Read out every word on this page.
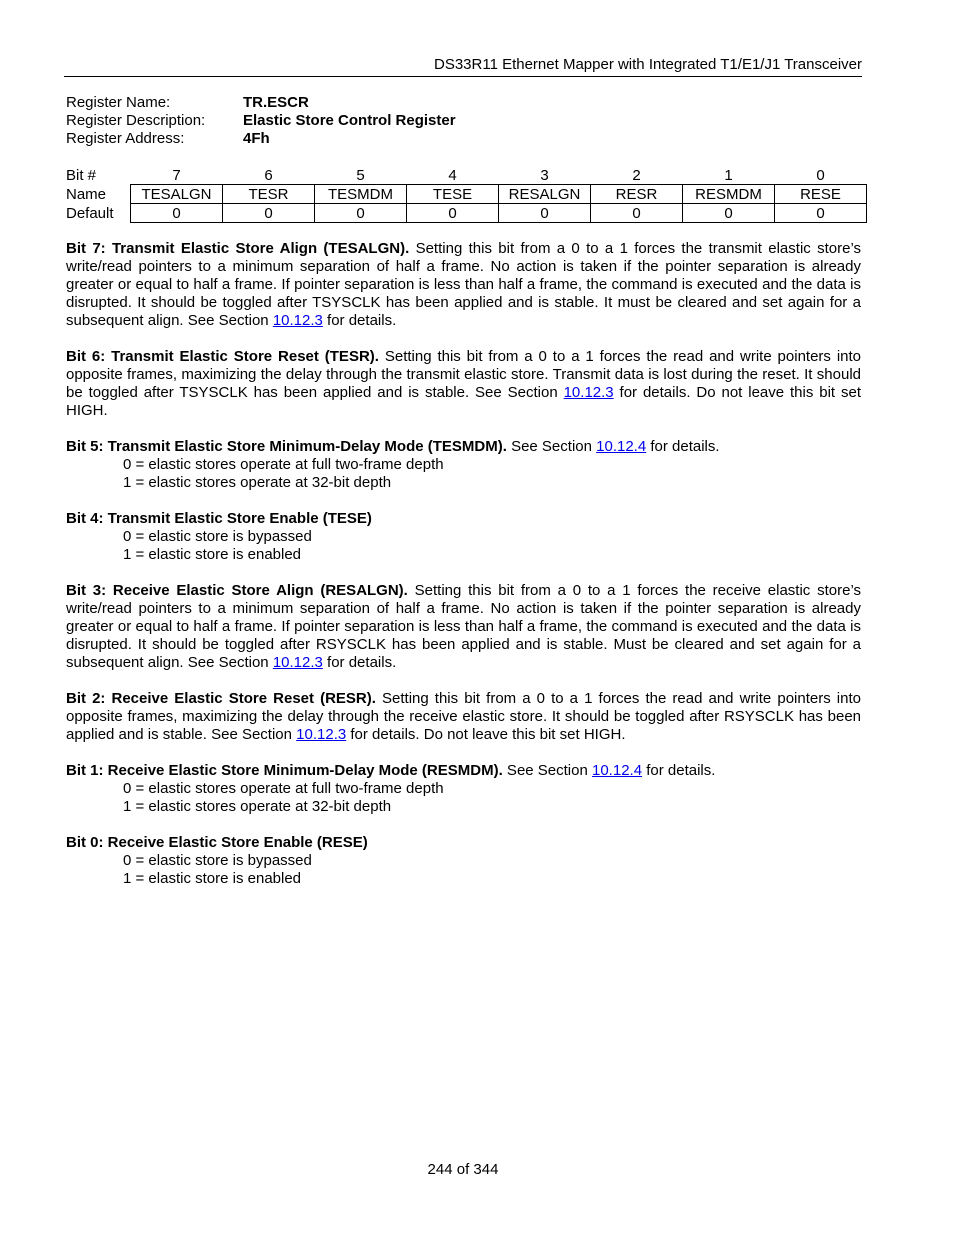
DS33R11 Ethernet Mapper with Integrated T1/E1/J1 Transceiver
Register Name:	TR.ESCR
Register Description:	Elastic Store Control Register
Register Address:	4Fh
Bit #	7	6	5	4	3	2	1	0
Name	TESALGN	TESR	TESMDM	TESE	RESALGN	RESR	RESMDM	RESE
Default	0	0	0	0	0	0	0	0

Bit 7: Transmit Elastic Store Align (TESALGN). Setting this bit from a 0 to a 1 forces the transmit elastic store’s write/read pointers to a minimum separation of half a frame. No action is taken if the pointer separation is already greater or equal to half a frame. If pointer separation is less than half a frame, the command is executed and the data is disrupted. It should be toggled after TSYSCLK has been applied and is stable. It must be cleared and set again for a subsequent align. See Section 10.12.3 for details.

Bit 6: Transmit Elastic Store Reset (TESR). Setting this bit from a 0 to a 1 forces the read and write pointers into opposite frames, maximizing the delay through the transmit elastic store. Transmit data is lost during the reset. It should be toggled after TSYSCLK has been applied and is stable. See Section 10.12.3 for details. Do not leave this bit set HIGH.

Bit 5: Transmit Elastic Store Minimum-Delay Mode (TESMDM). See Section 10.12.4 for details.
0 = elastic stores operate at full two-frame depth
1 = elastic stores operate at 32-bit depth
Bit 4: Transmit Elastic Store Enable (TESE)
0 = elastic store is bypassed
1 = elastic store is enabled

Bit 3: Receive Elastic Store Align (RESALGN). Setting this bit from a 0 to a 1 forces the receive elastic store’s write/read pointers to a minimum separation of half a frame. No action is taken if the pointer separation is already greater or equal to half a frame. If pointer separation is less than half a frame, the command is executed and the data is disrupted. It should be toggled after RSYSCLK has been applied and is stable. Must be cleared and set again for a subsequent align. See Section 10.12.3 for details.

Bit 2: Receive Elastic Store Reset (RESR). Setting this bit from a 0 to a 1 forces the read and write pointers into opposite frames, maximizing the delay through the receive elastic store. It should be toggled after RSYSCLK has been applied and is stable. See Section 10.12.3 for details. Do not leave this bit set HIGH.

Bit 1: Receive Elastic Store Minimum-Delay Mode (RESMDM). See Section 10.12.4 for details.
0 = elastic stores operate at full two-frame depth
1 = elastic stores operate at 32-bit depth
Bit 0: Receive Elastic Store Enable (RESE)
0 = elastic store is bypassed
1 = elastic store is enabled
244 of 344
